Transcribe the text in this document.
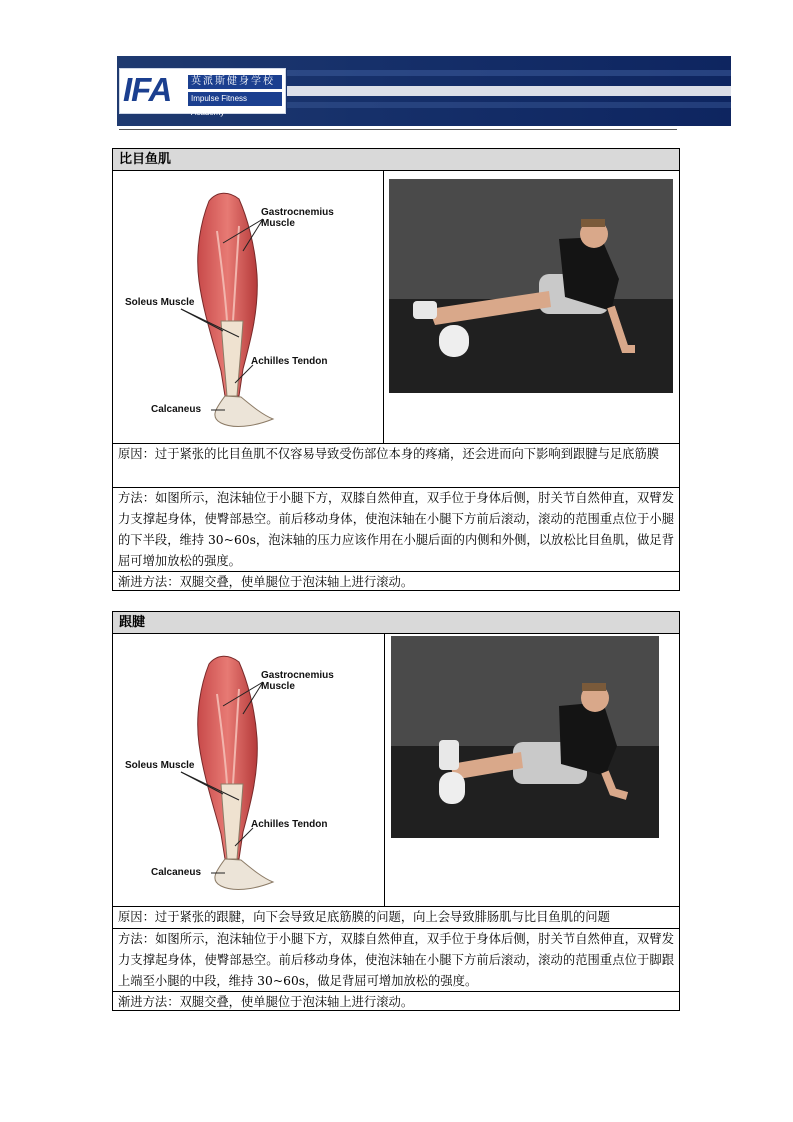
IFA	英派斯健身学校
Impulse Fitness Academy
比目鱼肌
Gastrocnemius
Muscle
Soleus Muscle
Achilles Tendon
Calcaneus
原因：过于紧张的比目鱼肌不仅容易导致受伤部位本身的疼痛，还会进而向下影响到跟腱与足底筋膜
方法：如图所示，泡沫轴位于小腿下方，双膝自然伸直，双手位于身体后侧，肘关节自然伸直，双臂发力支撑起身体，使臀部悬空。前后移动身体，使泡沫轴在小腿下方前后滚动，滚动的范围重点位于小腿的下半段，维持 30~60s，泡沫轴的压力应该作用在小腿后面的内侧和外侧，以放松比目鱼肌，做足背屈可增加放松的强度。
渐进方法：双腿交叠，使单腿位于泡沫轴上进行滚动。
跟腱
Gastrocnemius
Muscle
Soleus Muscle
Achilles Tendon
Calcaneus
原因：过于紧张的跟腱，向下会导致足底筋膜的问题，向上会导致腓肠肌与比目鱼肌的问题
方法：如图所示，泡沫轴位于小腿下方，双膝自然伸直，双手位于身体后侧，肘关节自然伸直，双臂发力支撑起身体，使臀部悬空。前后移动身体，使泡沫轴在小腿下方前后滚动，滚动的范围重点位于脚跟上端至小腿的中段，维持 30~60s，做足背屈可增加放松的强度。
渐进方法：双腿交叠，使单腿位于泡沫轴上进行滚动。
